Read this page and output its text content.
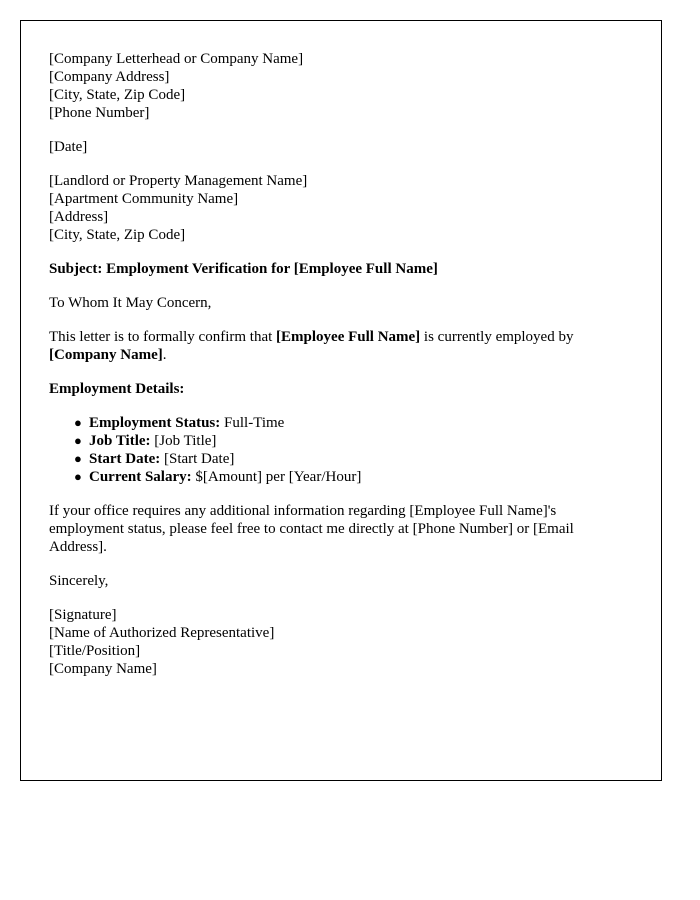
[Company Letterhead or Company Name]
[Company Address]
[City, State, Zip Code]
[Phone Number]
[Date]
[Landlord or Property Management Name]
[Apartment Community Name]
[Address]
[City, State, Zip Code]

Subject: Employment Verification for [Employee Full Name]

To Whom It May Concern,

This letter is to formally confirm that [Employee Full Name] is currently employed by
[Company Name].

Employment Details:

● Employment Status: Full-Time
● Job Title: [Job Title]
● Start Date: [Start Date]
● Current Salary: $[Amount] per [Year/Hour]

If your office requires any additional information regarding [Employee Full Name]'s
employment status, please feel free to contact me directly at [Phone Number] or [Email
Address].

Sincerely,

[Signature]
[Name of Authorized Representative]
[Title/Position]
[Company Name]
